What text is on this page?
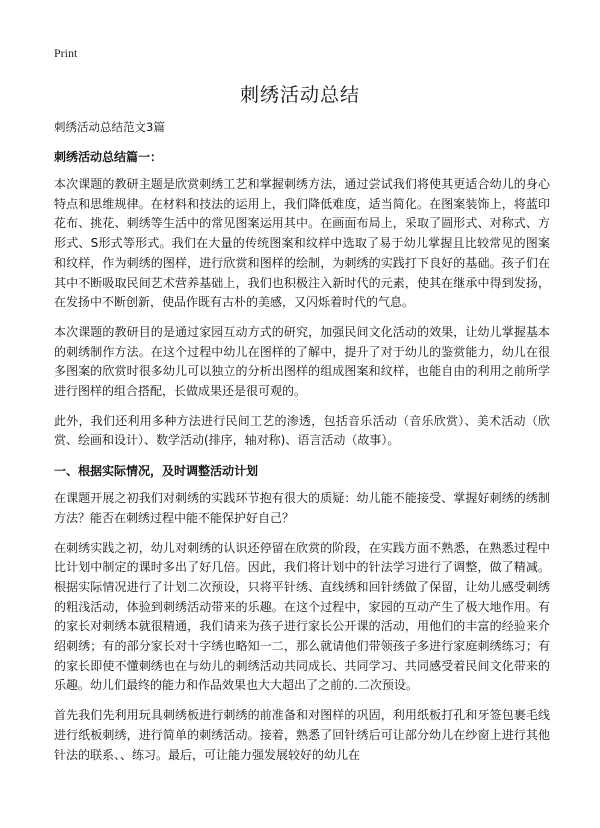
Print
刺绣活动总结

刺绣活动总结范文3篇

刺绣活动总结篇一：

本次课题的教研主题是欣赏刺绣工艺和掌握刺绣方法，通过尝试我们将使其更适合幼儿的身心特点和思维规律。在材料和技法的运用上，我们降低难度，适当简化。在图案装饰上，将蓝印花布、挑花、刺绣等生活中的常见图案运用其中。在画面布局上，采取了圆形式、对称式、方形式、S形式等形式。我们在大量的传统图案和纹样中选取了易于幼儿掌握且比较常见的图案和纹样，作为刺绣的图样，进行欣赏和图样的绘制，为刺绣的实践打下良好的基础。孩子们在其中不断吸取民间艺术营养基础上，我们也积极注入新时代的元素，使其在继承中得到发扬，在发扬中不断创新，使品作既有古朴的美感，又闪烁着时代的气息。

本次课题的教研目的是通过家园互动方式的研究，加强民间文化活动的效果，让幼儿掌握基本的刺绣制作方法。在这个过程中幼儿在图样的了解中，提升了对于幼儿的鉴赏能力，幼儿在很多图案的欣赏时很多幼儿可以独立的分析出图样的组成图案和纹样，也能自由的利用之前所学进行图样的组合搭配，长做成果还是很可观的。

此外，我们还利用多种方法进行民间工艺的渗透，包括音乐活动（音乐欣赏）、美术活动（欣赏、绘画和设计）、数学活动(排序，轴对称)、语言活动（故事）。

一、根据实际情况，及时调整活动计划

在课题开展之初我们对刺绣的实践环节抱有很大的质疑：幼儿能不能接受、掌握好刺绣的绣制方法？能否在刺绣过程中能不能保护好自己？

在刺绣实践之初，幼儿对刺绣的认识还停留在欣赏的阶段，在实践方面不熟悉，在熟悉过程中比计划中制定的课时多出了好几倍。因此，我们将计划中的针法学习进行了调整，做了精减。根据实际情况进行了计划二次预设，只将平针绣、直线绣和回针绣做了保留，让幼儿感受刺绣的粗浅活动，体验到刺绣活动带来的乐趣。在这个过程中，家园的互动产生了极大地作用。有的家长对刺绣本就很精通，我们请来为孩子进行家长公开课的活动，用他们的丰富的经验来介绍刺绣；有的部分家长对十字绣也略知一二，那么就请他们带领孩子多进行家庭刺绣练习；有的家长即使不懂刺绣也在与幼儿的刺绣活动共同成长、共同学习、共同感受着民间文化带来的乐趣。幼儿们最终的能力和作品效果也大大超出了之前的.二次预设。

首先我们先利用玩具刺绣板进行刺绣的前准备和对图样的巩固，利用纸板打孔和牙签包裹毛线进行纸板刺绣，进行简单的刺绣活动。接着，熟悉了回针绣后可让部分幼儿在纱窗上进行其他针法的联系、、练习。最后，可让能力强发展较好的幼儿在
